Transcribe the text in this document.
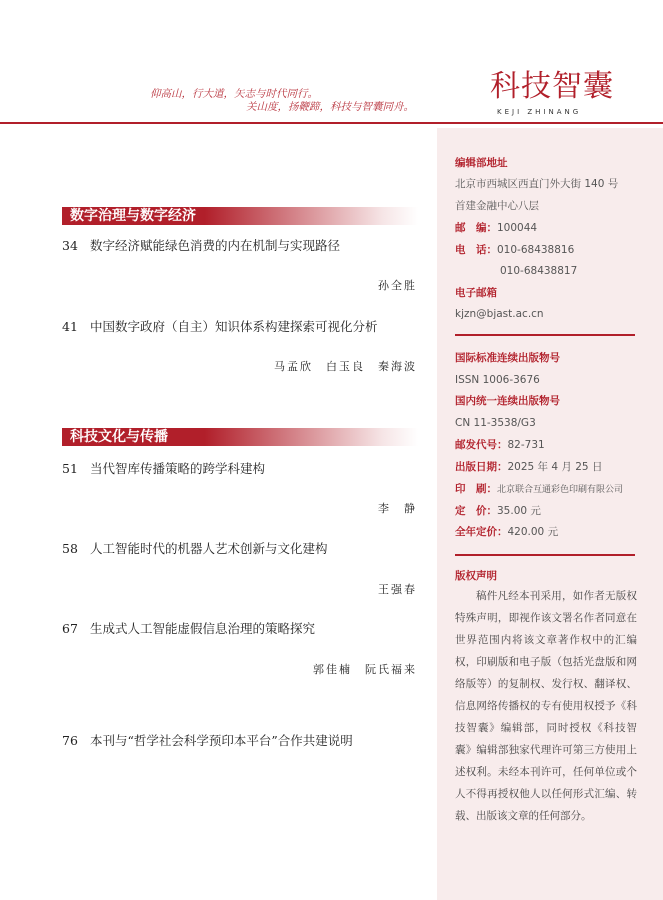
仰高山，行大道，矢志与时代同行。
关山度，扬鞭蹄，科技与智囊同舟。
科技智囊
KEJI ZHINANG
数字治理与数字经济
34 数字经济赋能绿色消费的内在机制与实现路径
孙全胜
41 中国数字政府（自主）知识体系构建探索可视化分析
马孟欣　白玉良　秦海波
科技文化与传播
51 当代智库传播策略的跨学科建构
李　静
58 人工智能时代的机器人艺术创新与文化建构
王强春
67 生成式人工智能虚假信息治理的策略探究
郭佳楠　阮氏福来
76 本刊与“哲学社会科学预印本平台”合作共建说明
编辑部地址
北京市西城区西直门外大街 140 号
首建金融中心八层
邮　编：100044
电　话：010-68438816
010-68438817
电子邮箱
kjzn@bjast.ac.cn
国际标准连续出版物号
ISSN 1006-3676
国内统一连续出版物号
CN 11-3538/G3
邮发代号：82-731
出版日期：2025 年 4 月 25 日
印　刷：北京联合互通彩色印刷有限公司
定　价：35.00 元
全年定价：420.00 元
版权声明
稿件凡经本刊采用，如作者无版权特殊声明，即视作该文署名作者同意在世界范围内将该文章著作权中的汇编权，印刷版和电子版（包括光盘版和网络版等）的复制权、发行权、翻译权、信息网络传播权的专有使用权授予《科技智囊》编辑部，同时授权《科技智囊》编辑部独家代理许可第三方使用上述权利。未经本刊许可，任何单位或个人不得再授权他人以任何形式汇编、转载、出版该文章的任何部分。
